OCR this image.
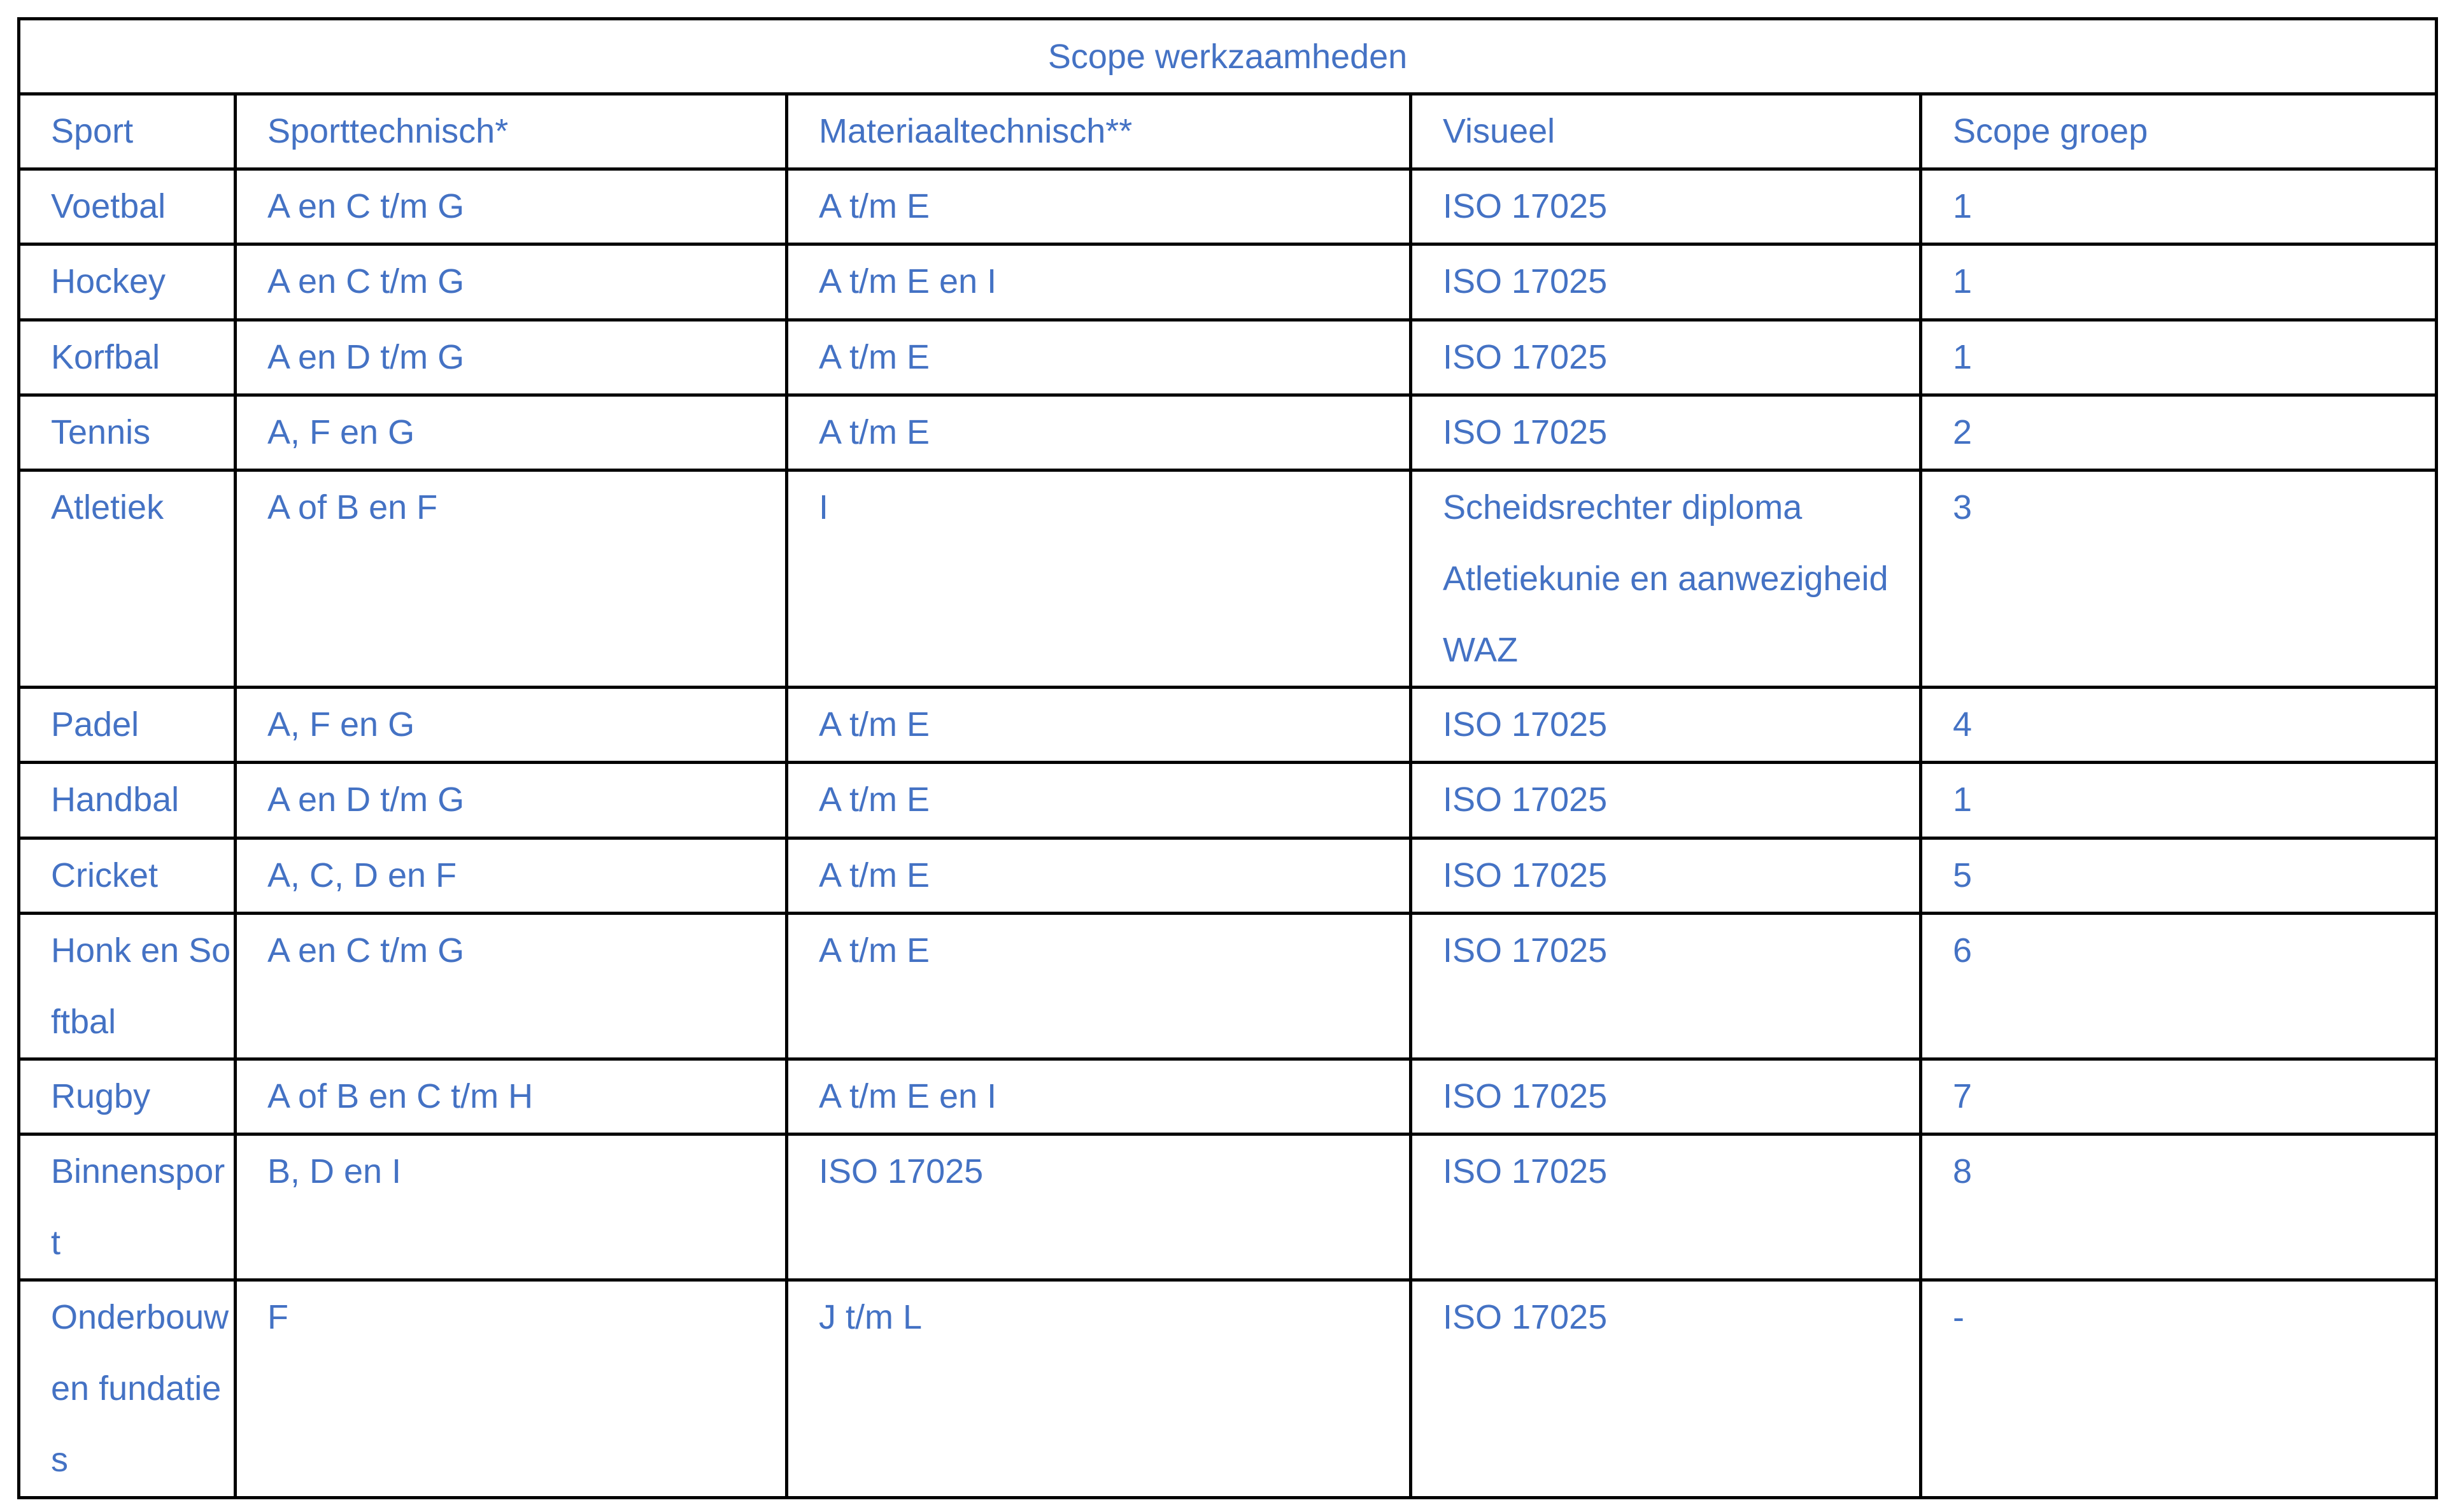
Scope werkzaamheden				
Sport	Sporttechnisch*	Materiaaltechnisch**	Visueel	Scope groep
Voetbal	A en C t/m G	A t/m E	ISO 17025	1
Hockey	A en C t/m G	A t/m E en I	ISO 17025	1
Korfbal	A en D t/m G	A t/m E	ISO 17025	1
Tennis	A, F en G	A t/m E	ISO 17025	2
Atletiek	A of B en F	I	Scheidsrechter diploma Atletiekunie en aanwezigheid WAZ	3
Padel	A, F en G	A t/m E	ISO 17025	4
Handbal	A en D t/m G	A t/m E	ISO 17025	1
Cricket	A, C, D en F	A t/m E	ISO 17025	5
Honk en Softbal	A en C t/m G	A t/m E	ISO 17025	6
Rugby	A of B en C t/m H	A t/m E en I	ISO 17025	7
Binnensport	B, D en I	ISO 17025	ISO 17025	8
Onderbouw en fundaties	F	J t/m L	ISO 17025	-
